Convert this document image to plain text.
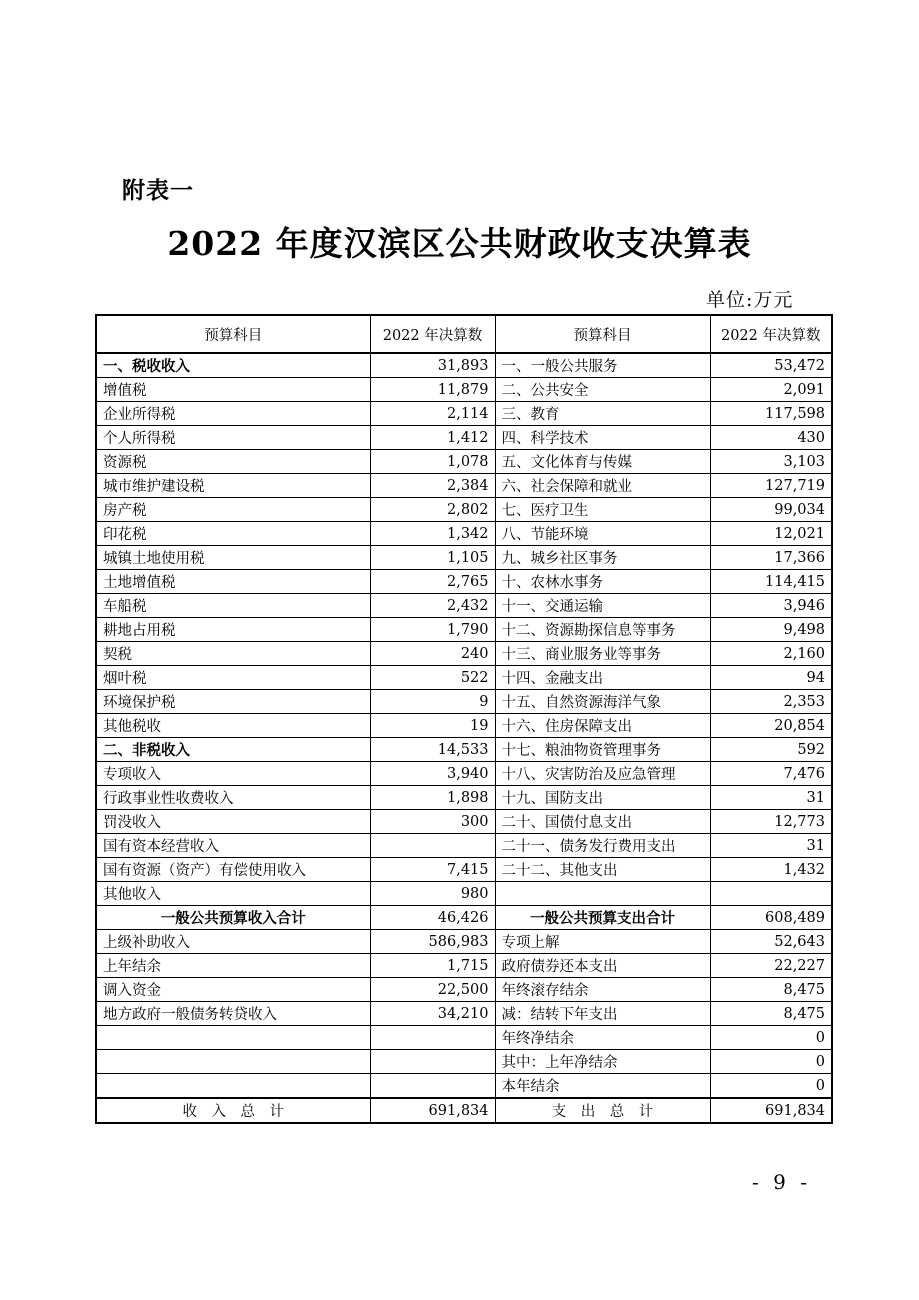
附表一
2022 年度汉滨区公共财政收支决算表
单位:万元
预算科目	2022 年决算数	预算科目	2022 年决算数
一、税收收入	31,893	一、一般公共服务	53,472
增值税	11,879	二、公共安全	2,091
企业所得税	2,114	三、教育	117,598
个人所得税	1,412	四、科学技术	430
资源税	1,078	五、文化体育与传媒	3,103
城市维护建设税	2,384	六、社会保障和就业	127,719
房产税	2,802	七、医疗卫生	99,034
印花税	1,342	八、节能环境	12,021
城镇土地使用税	1,105	九、城乡社区事务	17,366
土地增值税	2,765	十、农林水事务	114,415
车船税	2,432	十一、交通运输	3,946
耕地占用税	1,790	十二、资源勘探信息等事务	9,498
契税	240	十三、商业服务业等事务	2,160
烟叶税	522	十四、金融支出	94
环境保护税	9	十五、自然资源海洋气象	2,353
其他税收	19	十六、住房保障支出	20,854
二、非税收入	14,533	十七、粮油物资管理事务	592
专项收入	3,940	十八、灾害防治及应急管理	7,476
行政事业性收费收入	1,898	十九、国防支出	31
罚没收入	300	二十、国债付息支出	12,773
国有资本经营收入		二十一、债务发行费用支出	31
国有资源（资产）有偿使用收入	7,415	二十二、其他支出	1,432
其他收入	980		
一般公共预算收入合计	46,426	一般公共预算支出合计	608,489
上级补助收入	586,983	专项上解	52,643
上年结余	1,715	政府债券还本支出	22,227
调入资金	22,500	年终滚存结余	8,475
地方政府一般债务转贷收入	34,210	减：结转下年支出	8,475
		年终净结余	0
		其中：上年净结余	0
		本年结余	0
收　入　总　计	691,834	支　出　总　计	691,834
- 9 -
